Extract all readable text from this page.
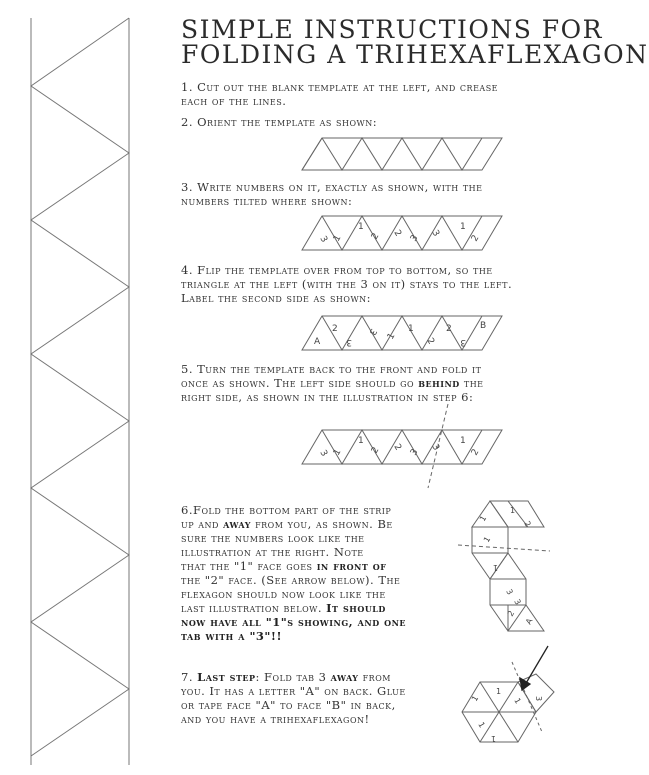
SIMPLE INSTRUCTIONS FOR
FOLDING A TRIHEXAFLEXAGON
1. Cut out the blank template at the left, and crease
each of the lines.
2. Orient the template as shown:
3. Write numbers on it, exactly as shown, with the
numbers tilted where shown:
3 1
1
2 2
3
3
1
2
4. Flip the template over from top to bottom, so the
triangle at the left (with the 3 on it) stays to the left.
Label the second side as shown:
A
2
3
3
1
1
2
2
3
B
5. Turn the template back to the front and fold it
once as shown. The left side should go behind the
right side, as shown in the illustration in step 6:
3 1
1
2 2
3
3
1
2
6.Fold the bottom part of the strip
up and away from you, as shown. Be
sure the numbers look like the
illustration at the right. Note
that the "1" face goes in front of
the "2" face. (See arrow below). The
flexagon should now look like the
last illustration below. It should
now have all "1"s showing, and one
tab with a "3"!!
1
1
2
1
1
3
3
2
A
7. Last step: Fold tab 3 away from
you. It has a letter "A" on back. Glue
or tape face "A" to face "B" in back,
and you have a trihexaflexagon!
1
1
1
1
1
3
